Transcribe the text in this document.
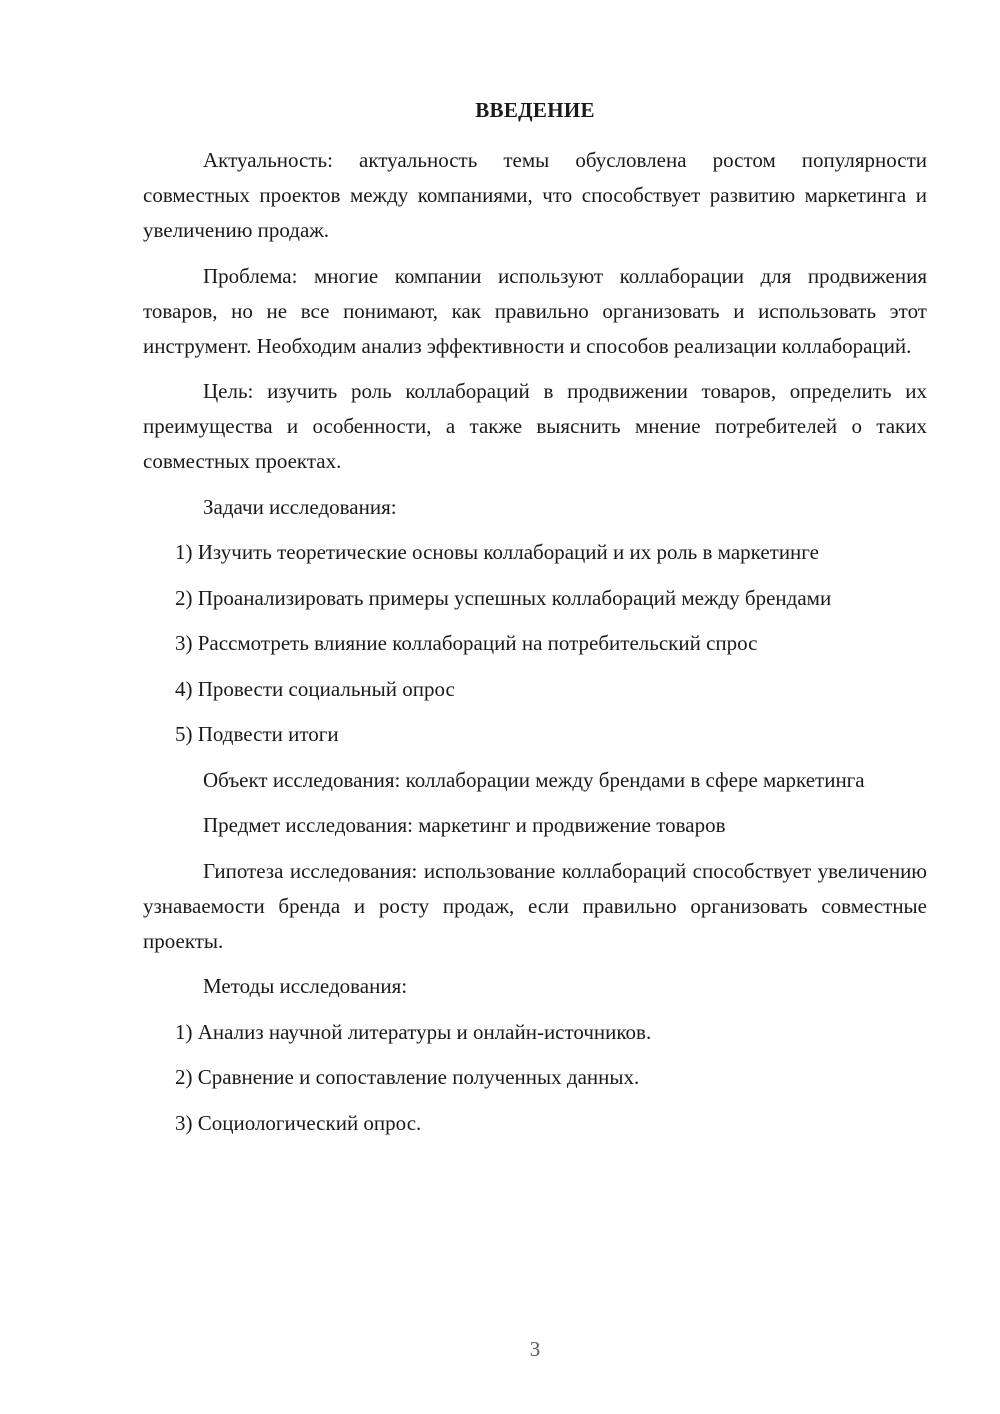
ВВЕДЕНИЕ

Актуальность: актуальность темы обусловлена ростом популярности совместных проектов между компаниями, что способствует развитию маркетинга и увеличению продаж.

Проблема: многие компании используют коллаборации для продвижения товаров, но не все понимают, как правильно организовать и использовать этот инструмент. Необходим анализ эффективности и способов реализации коллабораций.

Цель: изучить роль коллабораций в продвижении товаров, определить их преимущества и особенности, а также выяснить мнение потребителей о таких совместных проектах.

Задачи исследования:

1) Изучить теоретические основы коллабораций и их роль в маркетинге

2) Проанализировать примеры успешных коллабораций между брендами

3) Рассмотреть влияние коллабораций на потребительский спрос

4) Провести социальный опрос

5) Подвести итоги

Объект исследования: коллаборации между брендами в сфере маркетинга

Предмет исследования: маркетинг и продвижение товаров

Гипотеза исследования: использование коллабораций способствует увеличению узнаваемости бренда и росту продаж, если правильно организовать совместные проекты.

Методы исследования:

1) Анализ научной литературы и онлайн-источников.

2) Сравнение и сопоставление полученных данных.

3) Социологический опрос.

3
